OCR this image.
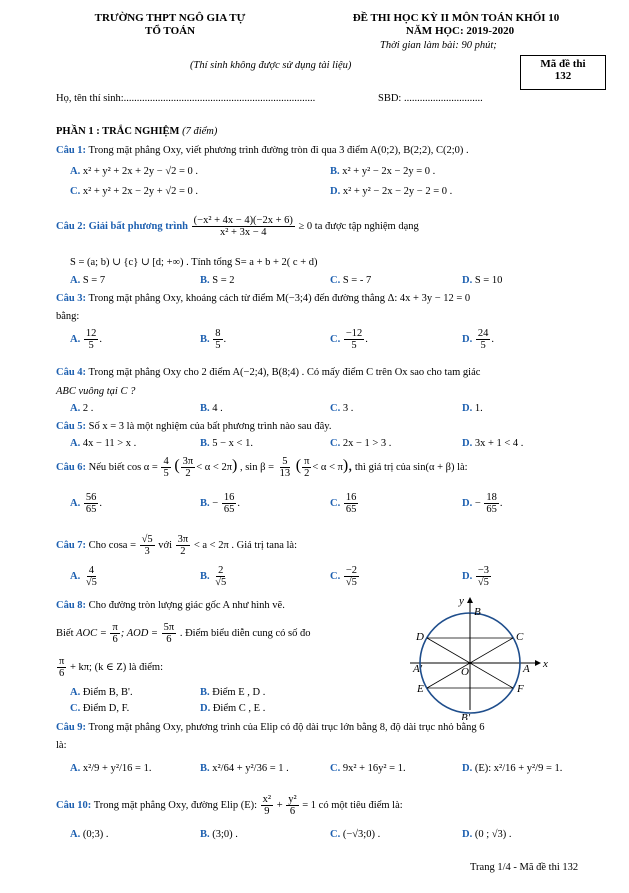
TRƯỜNG THPT NGÔ GIA TỰ
TỔ TOÁN
ĐỀ THI HỌC KỲ II MÔN TOÁN KHỐI 10
NĂM HỌC: 2019-2020
Thời gian làm bài: 90 phút;
(Thí sinh không được sử dụng tài liệu)	Mã đề thi
132
Họ, tên thí sinh:.........................................................................	SBD: ..............................
PHẦN 1 : TRẮC NGHIỆM (7 điểm)
Câu 1: Trong mặt phẳng Oxy, viết phương trình đường tròn đi qua 3 điểm A(0;2), B(2;2), C(2;0) .
A. x² + y² + 2x + 2y − √2 = 0 .	B. x² + y² − 2x − 2y = 0 .
C. x² + y² + 2x − 2y + √2 = 0 .	D. x² + y² − 2x − 2y − 2 = 0 .
Câu 2: Giải bất phương trình $\frac{\text{(−x² + 4x − 4)(−2x + 6)}}{\text{x² + 3x − 4}} \ge 0$ ta được tập nghiệm dạng
S = (a; b) ∪ {c} ∪ [d; +∞) . Tính tổng S= a + b + 2( c + d)
A. S = 7	B. S = 2	C. S = - 7	D. S = 10
Câu 3: Trong mặt phẳng Oxy, khoảng cách từ điểm M(−3;4) đến đường thẳng Δ: 4x + 3y − 12 = 0
bằng:
A. $\frac{12}{5}$ .	B. $\frac{8}{5}$ .	C. $\frac{-12}{5}$ .	D. $\frac{24}{5}$ .
Câu 4: Trong mặt phẳng Oxy cho 2 điểm A(−2;4), B(8;4) . Có mấy điểm C trên Ox sao cho tam giác
ABC vuông tại C ?
A. 2 .	B. 4 .	C. 3 .	D. 1.
Câu 5: Số x = 3 là một nghiệm của bất phương trình nào sau đây.
A. 4x − 11 > x .	B. 5 − x < 1.	C. 2x − 1 > 3 .	D. 3x + 1 < 4 .
Câu 6: Nếu biết $\cos \alpha = \frac{4}{5}$ ( $\frac{3\pi}{2} < \alpha < 2\pi$) , $\sin \beta = \frac{5}{13}$ ( $\frac{\pi}{2} < \alpha < \pi$), thì giá trị của sin(α + β) là:
A. $\frac{56}{65}$ .	B. − $\frac{16}{65}$ .	C. $\frac{16}{65}$	D. − $\frac{18}{65}$ .
Câu 7: Cho $\cos a = \frac{√5}{3}$ với $\frac{3\pi}{2} < a < 2\pi$ . Giá trị tana là:
A. $\frac{4}{√5}$	B. $\frac{2}{√5}$	C. $\frac{-2}{√5}$	D. $\frac{-3}{√5}$
Câu 8: Cho đường tròn lượng giác gốc A như hình vẽ.
Biết AOC = $\frac{\pi}{6}$ ; AOD = $\frac{5\pi}{6}$ . Điểm biểu diễn cung có số đo
$\frac{\pi}{6} + k\pi$; (k ∈ Z) là điểm:
A. Điểm B, B'.	B. Điểm E , D .
C. Điểm D, F.	D. Điểm C , E .
y
x
B
B'
C
D
A
A'	O
E	F
Câu 9: Trong mặt phẳng Oxy, phương trình của Elip có độ dài trục lớn bằng 8, độ dài trục nhỏ bằng 6
là:
A. x²/9 + y²/16 = 1.	B. x²/64 + y²/36 = 1 .	C. 9x² + 16y² = 1.	D. (E): x²/16 + y²/9 = 1.
Câu 10: Trong mặt phẳng Oxy, đường Elip (E): $\frac{\text{x²}}{9} + \frac{\text{y²}}{6} = 1$ có một tiêu điểm là:
A. (0;3) .	B. (3;0) .	C. (−√3;0) .	D. (0 ; √3) .
Trang 1/4 - Mã đề thi 132
